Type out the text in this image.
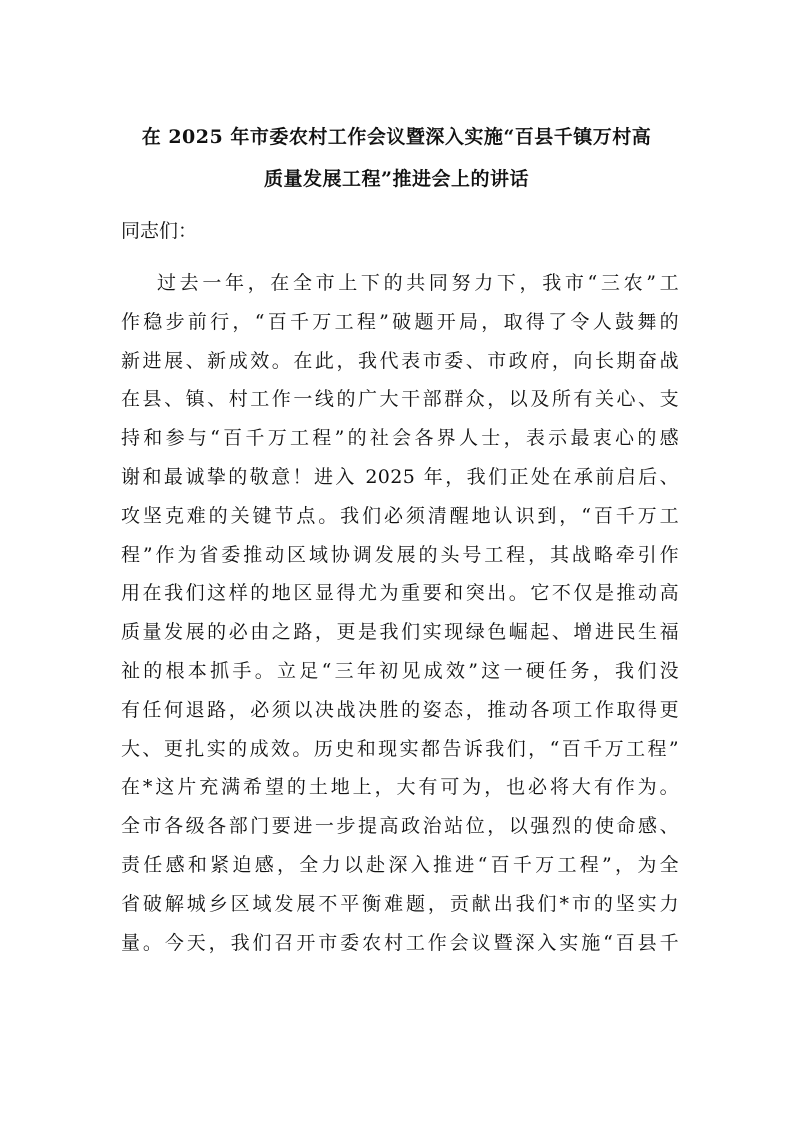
在 2025 年市委农村工作会议暨深入实施“百县千镇万村高
质量发展工程”推进会上的讲话
同志们：
过去一年，在全市上下的共同努力下，我市“三农”工
作稳步前行，“百千万工程”破题开局，取得了令人鼓舞的
新进展、新成效。在此，我代表市委、市政府，向长期奋战
在县、镇、村工作一线的广大干部群众，以及所有关心、支
持和参与“百千万工程”的社会各界人士，表示最衷心的感
谢和最诚挚的敬意！进入 2025 年，我们正处在承前启后、
攻坚克难的关键节点。我们必须清醒地认识到，“百千万工
程”作为省委推动区域协调发展的头号工程，其战略牵引作
用在我们这样的地区显得尤为重要和突出。它不仅是推动高
质量发展的必由之路，更是我们实现绿色崛起、增进民生福
祉的根本抓手。立足“三年初见成效”这一硬任务，我们没
有任何退路，必须以决战决胜的姿态，推动各项工作取得更
大、更扎实的成效。历史和现实都告诉我们，“百千万工程”
在*这片充满希望的土地上，大有可为，也必将大有作为。
全市各级各部门要进一步提高政治站位，以强烈的使命感、
责任感和紧迫感，全力以赴深入推进“百千万工程”，为全
省破解城乡区域发展不平衡难题，贡献出我们*市的坚实力
量。今天，我们召开市委农村工作会议暨深入实施“百县千
